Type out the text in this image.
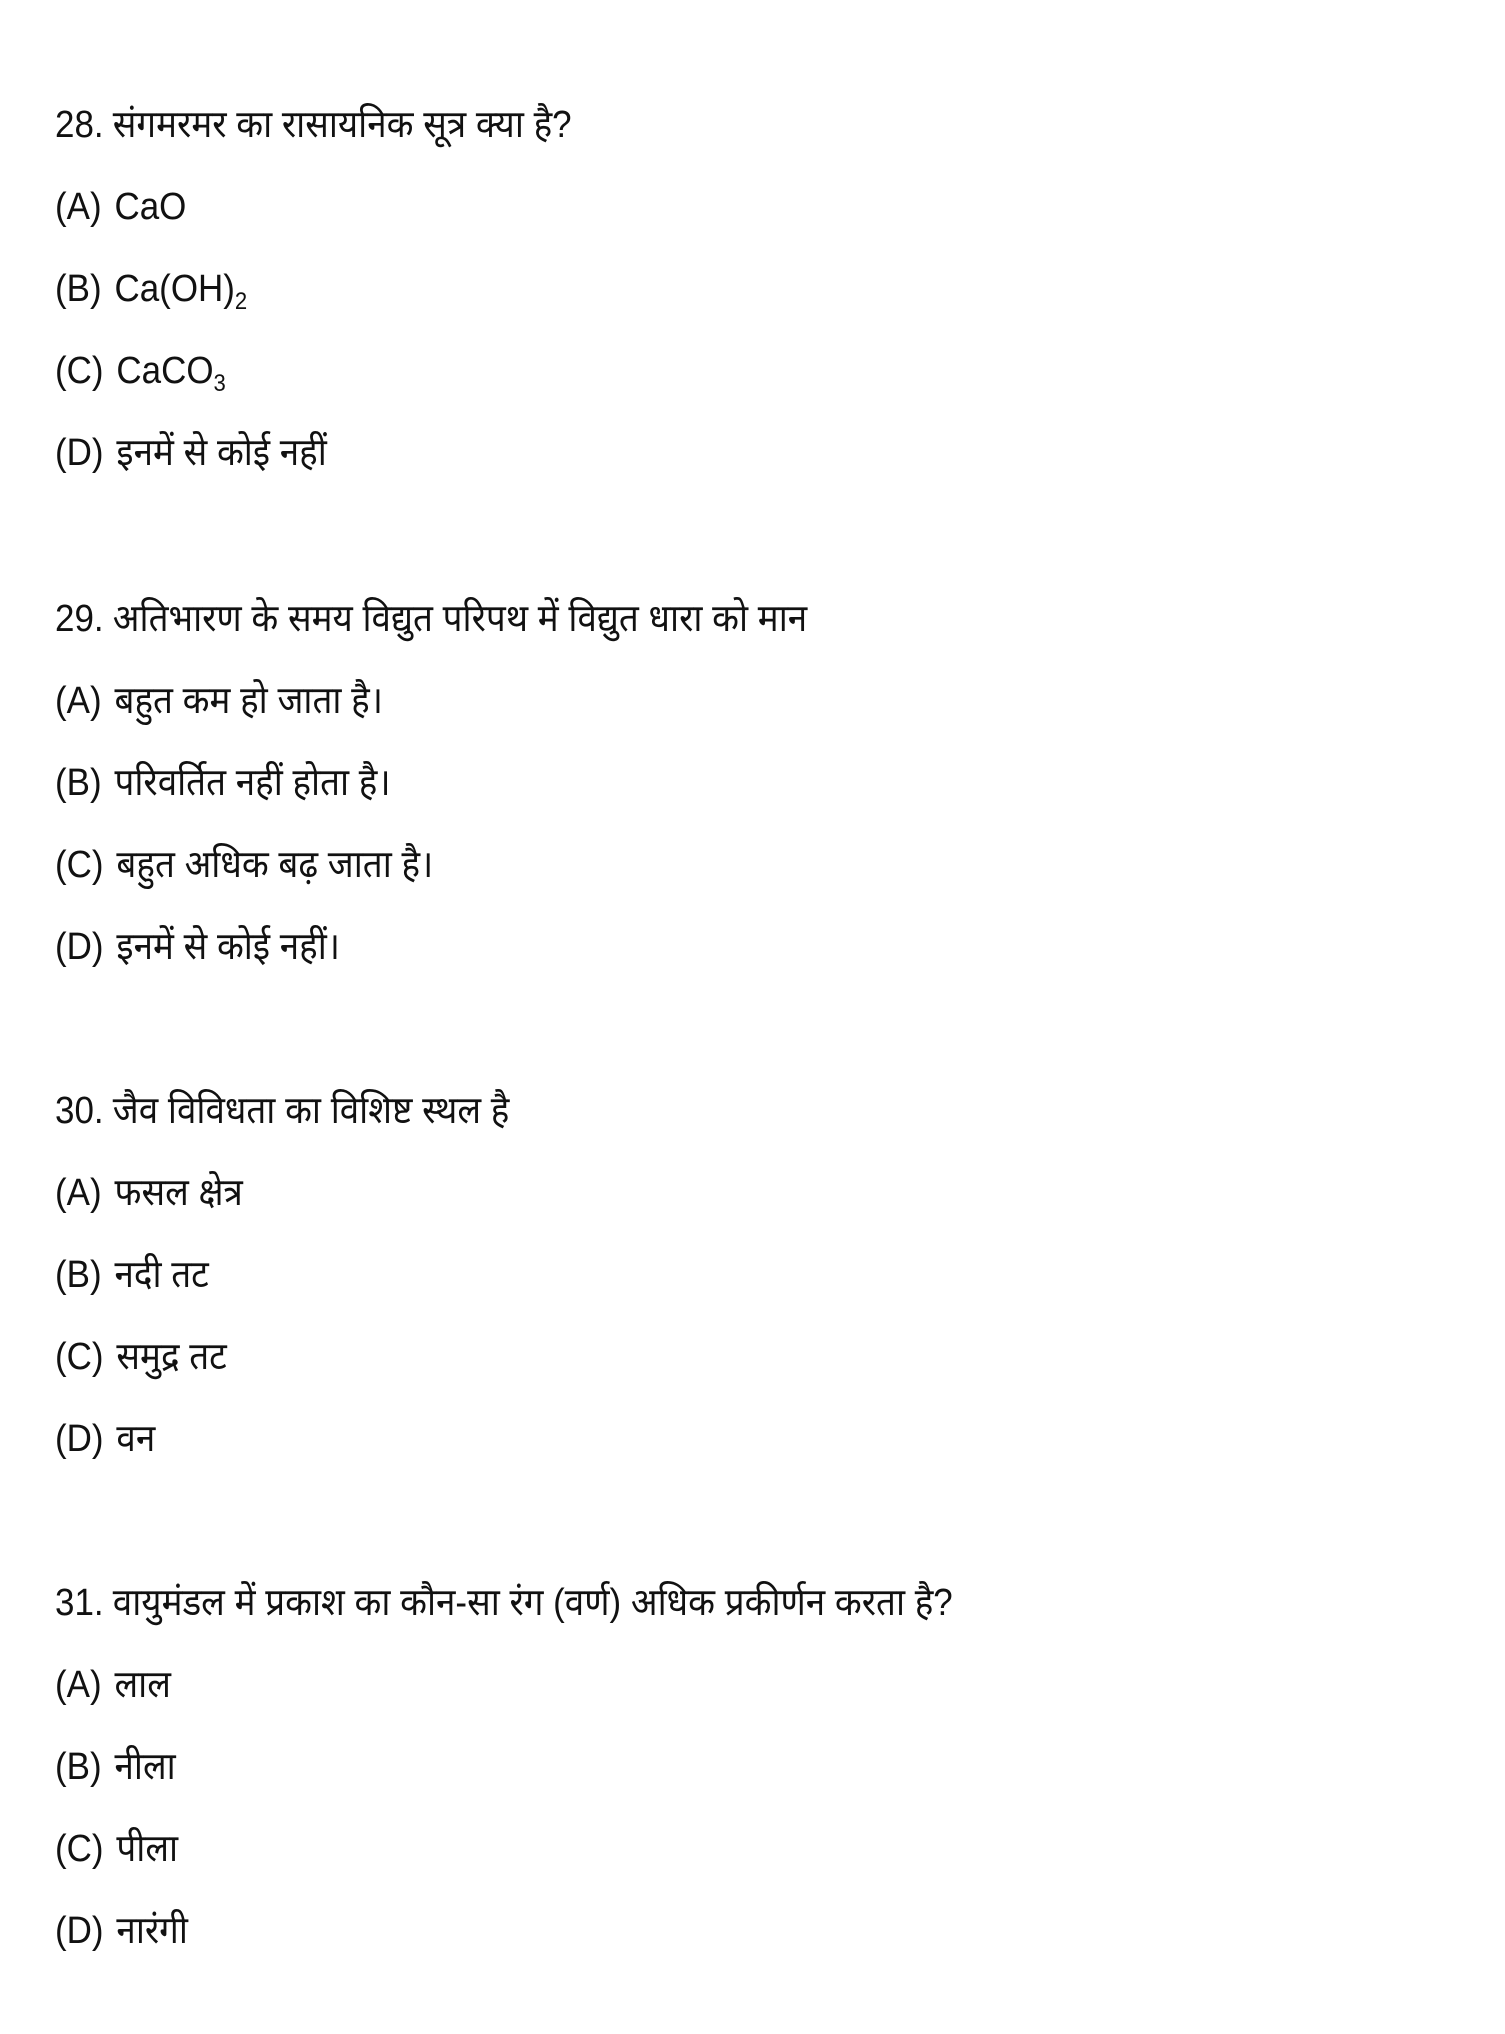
28. संगमरमर का रासायनिक सूत्र क्या है?
(A) CaO
(B) $Ca(OH)_2$
(C) CaCO$_3$
(D) इनमें से कोई नहीं
29. अतिभारण के समय विद्युत परिपथ में विद्युत धारा को मान
(A) बहुत कम हो जाता है।
(B) परिवर्तित नहीं होता है।
(C) बहुत अधिक बढ़ जाता है।
(D) इनमें से कोई नहीं।
30. जैव विविधता का विशिष्ट स्थल है
(A) फसल क्षेत्र
(B) नदी तट
(C) समुद्र तट
(D) वन
31. वायुमंडल में प्रकाश का कौन-सा रंग (वर्ण) अधिक प्रकीर्णन करता है?
(A) लाल
(B) नीला
(C) पीला
(D) नारंगी
